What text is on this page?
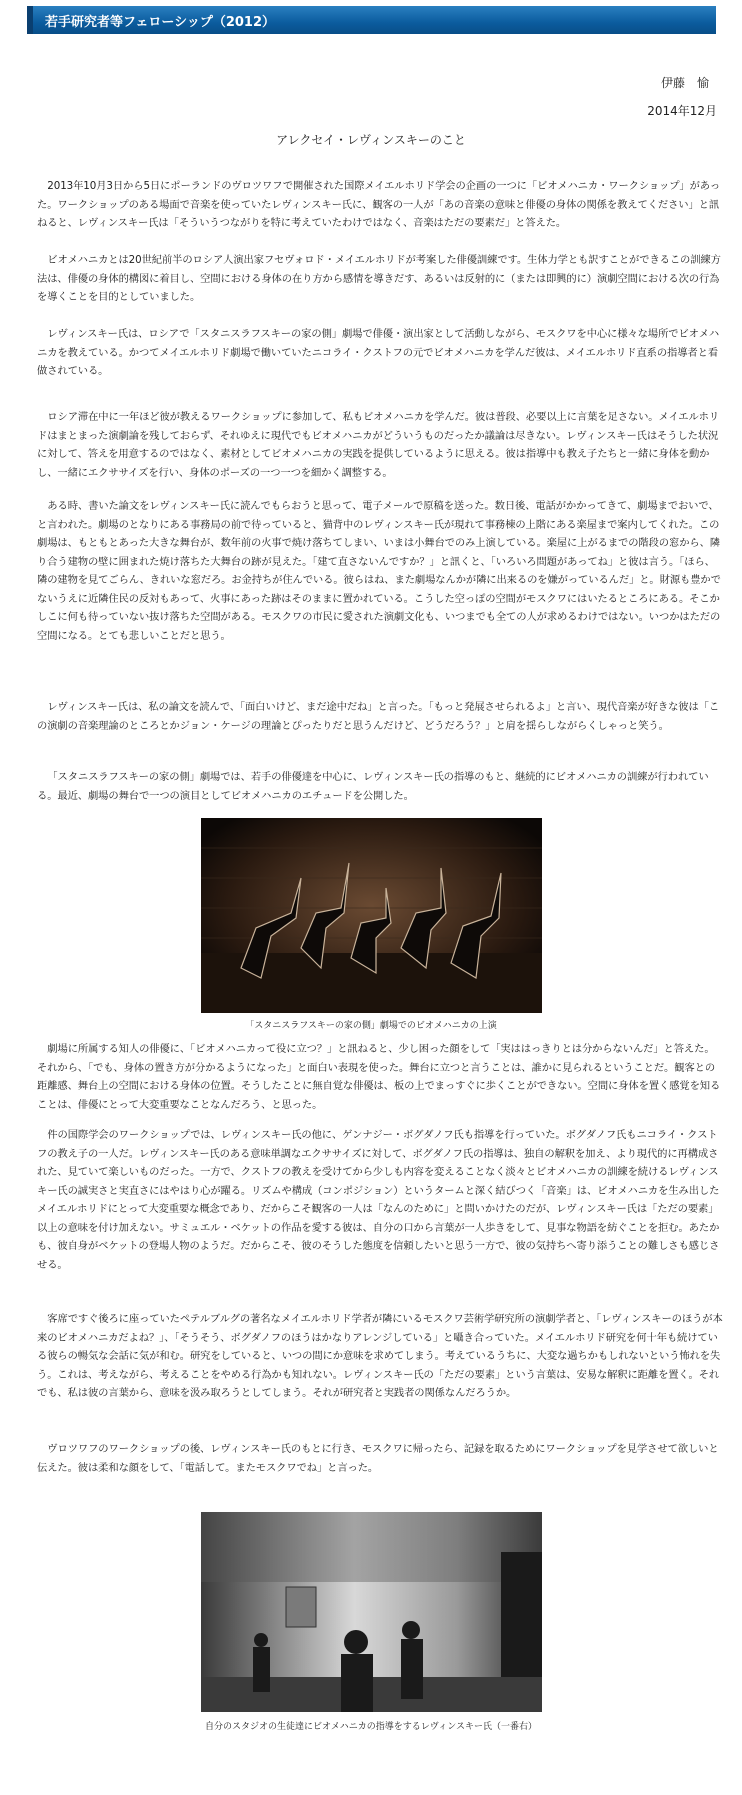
若手研究者等フェローシップ（2012）
伊藤　愉
2014年12月
アレクセイ・レヴィンスキーのこと

2013年10月3日から5日にポーランドのヴロツワフで開催された国際メイエルホリド学会の企画の一つに「ビオメハニカ・ワークショップ」があった。ワークショップのある場面で音楽を使っていたレヴィンスキー氏に、観客の一人が「あの音楽の意味と俳優の身体の関係を教えてください」と訊ねると、レヴィンスキー氏は「そういうつながりを特に考えていたわけではなく、音楽はただの要素だ」と答えた。

ビオメハニカとは20世紀前半のロシア人演出家フセヴォロド・メイエルホリドが考案した俳優訓練です。生体力学とも訳すことができるこの訓練方法は、俳優の身体的構図に着目し、空間における身体の在り方から感情を導きだす、あるいは反射的に（または即興的に）演劇空間における次の行為を導くことを目的としていました。

レヴィンスキー氏は、ロシアで「スタニスラフスキーの家の側」劇場で俳優・演出家として活動しながら、モスクワを中心に様々な場所でビオメハニカを教えている。かつてメイエルホリド劇場で働いていたニコライ・クストフの元でビオメハニカを学んだ彼は、メイエルホリド直系の指導者と看做されている。

ロシア滞在中に一年ほど彼が教えるワークショップに参加して、私もビオメハニカを学んだ。彼は普段、必要以上に言葉を足さない。メイエルホリドはまとまった演劇論を残しておらず、それゆえに現代でもビオメハニカがどういうものだったか議論は尽きない。レヴィンスキー氏はそうした状況に対して、答えを用意するのではなく、素材としてビオメハニカの実践を提供しているように思える。彼は指導中も教え子たちと一緒に身体を動かし、一緒にエクササイズを行い、身体のポーズの一つ一つを細かく調整する。

ある時、書いた論文をレヴィンスキー氏に読んでもらおうと思って、電子メールで原稿を送った。数日後、電話がかかってきて、劇場までおいで、と言われた。劇場のとなりにある事務局の前で待っていると、猫背中のレヴィンスキー氏が現れて事務棟の上階にある楽屋まで案内してくれた。この劇場は、もともとあった大きな舞台が、数年前の火事で焼け落ちてしまい、いまは小舞台でのみ上演している。楽屋に上がるまでの階段の窓から、隣り合う建物の壁に囲まれた焼け落ちた大舞台の跡が見えた。「建て直さないんですか？」と訊くと、「いろいろ問題があってね」と彼は言う。「ほら、隣の建物を見てごらん、きれいな窓だろ。お金持ちが住んでいる。彼らはね、また劇場なんかが隣に出来るのを嫌がっているんだ」と。財源も豊かでないうえに近隣住民の反対もあって、火事にあった跡はそのままに置かれている。こうした空っぽの空間がモスクワにはいたるところにある。そこかしこに何も待っていない抜け落ちた空間がある。モスクワの市民に愛された演劇文化も、いつまでも全ての人が求めるわけではない。いつかはただの空間になる。とても悲しいことだと思う。

レヴィンスキー氏は、私の論文を読んで、「面白いけど、まだ途中だね」と言った。「もっと発展させられるよ」と言い、現代音楽が好きな彼は「この演劇の音楽理論のところとかジョン・ケージの理論とぴったりだと思うんだけど、どうだろう？」と肩を揺らしながらくしゃっと笑う。

「スタニスラフスキーの家の側」劇場では、若手の俳優達を中心に、レヴィンスキー氏の指導のもと、継続的にビオメハニカの訓練が行われている。最近、劇場の舞台で一つの演目としてビオメハニカのエチュードを公開した。

「スタニスラフスキーの家の側」劇場でのビオメハニカの上演

劇場に所属する知人の俳優に、「ビオメハニカって役に立つ？」と訊ねると、少し困った顔をして「実ははっきりとは分からないんだ」と答えた。それから、「でも、身体の置き方が分かるようになった」と面白い表現を使った。舞台に立つと言うことは、誰かに見られるということだ。観客との距離感、舞台上の空間における身体の位置。そうしたことに無自覚な俳優は、板の上でまっすぐに歩くことができない。空間に身体を置く感覚を知ることは、俳優にとって大変重要なことなんだろう、と思った。

件の国際学会のワークショップでは、レヴィンスキー氏の他に、ゲンナジー・ボグダノフ氏も指導を行っていた。ボグダノフ氏もニコライ・クストフの教え子の一人だ。レヴィンスキー氏のある意味単調なエクササイズに対して、ボグダノフ氏の指導は、独自の解釈を加え、より現代的に再構成された、見ていて楽しいものだった。一方で、クストフの教えを受けてから少しも内容を変えることなく淡々とビオメハニカの訓練を続けるレヴィンスキー氏の誠実さと実直さにはやはり心が躍る。リズムや構成（コンポジション）というタームと深く結びつく「音楽」は、ビオメハニカを生み出したメイエルホリドにとって大変重要な概念であり、だからこそ観客の一人は「なんのために」と問いかけたのだが、レヴィンスキー氏は「ただの要素」以上の意味を付け加えない。サミュエル・ベケットの作品を愛する彼は、自分の口から言葉が一人歩きをして、見事な物語を紡ぐことを拒む。あたかも、彼自身がベケットの登場人物のようだ。だからこそ、彼のそうした態度を信頼したいと思う一方で、彼の気持ちへ寄り添うことの難しさも感じさせる。

客席ですぐ後ろに座っていたペテルブルグの著名なメイエルホリド学者が隣にいるモスクワ芸術学研究所の演劇学者と、「レヴィンスキーのほうが本来のビオメハニカだよね？」、「そうそう、ボグダノフのほうはかなりアレンジしている」と囁き合っていた。メイエルホリド研究を何十年も続けている彼らの暢気な会話に気が和む。研究をしていると、いつの間にか意味を求めてしまう。考えているうちに、大変な過ちかもしれないという怖れを失う。これは、考えながら、考えることをやめる行為かも知れない。レヴィンスキー氏の「ただの要素」という言葉は、安易な解釈に距離を置く。それでも、私は彼の言葉から、意味を汲み取ろうとしてしまう。それが研究者と実践者の関係なんだろうか。

ヴロツワフのワークショップの後、レヴィンスキー氏のもとに行き、モスクワに帰ったら、記録を取るためにワークショップを見学させて欲しいと伝えた。彼は柔和な顔をして、「電話して。またモスクワでね」と言った。

自分のスタジオの生徒達にビオメハニカの指導をするレヴィンスキー氏（一番右）
